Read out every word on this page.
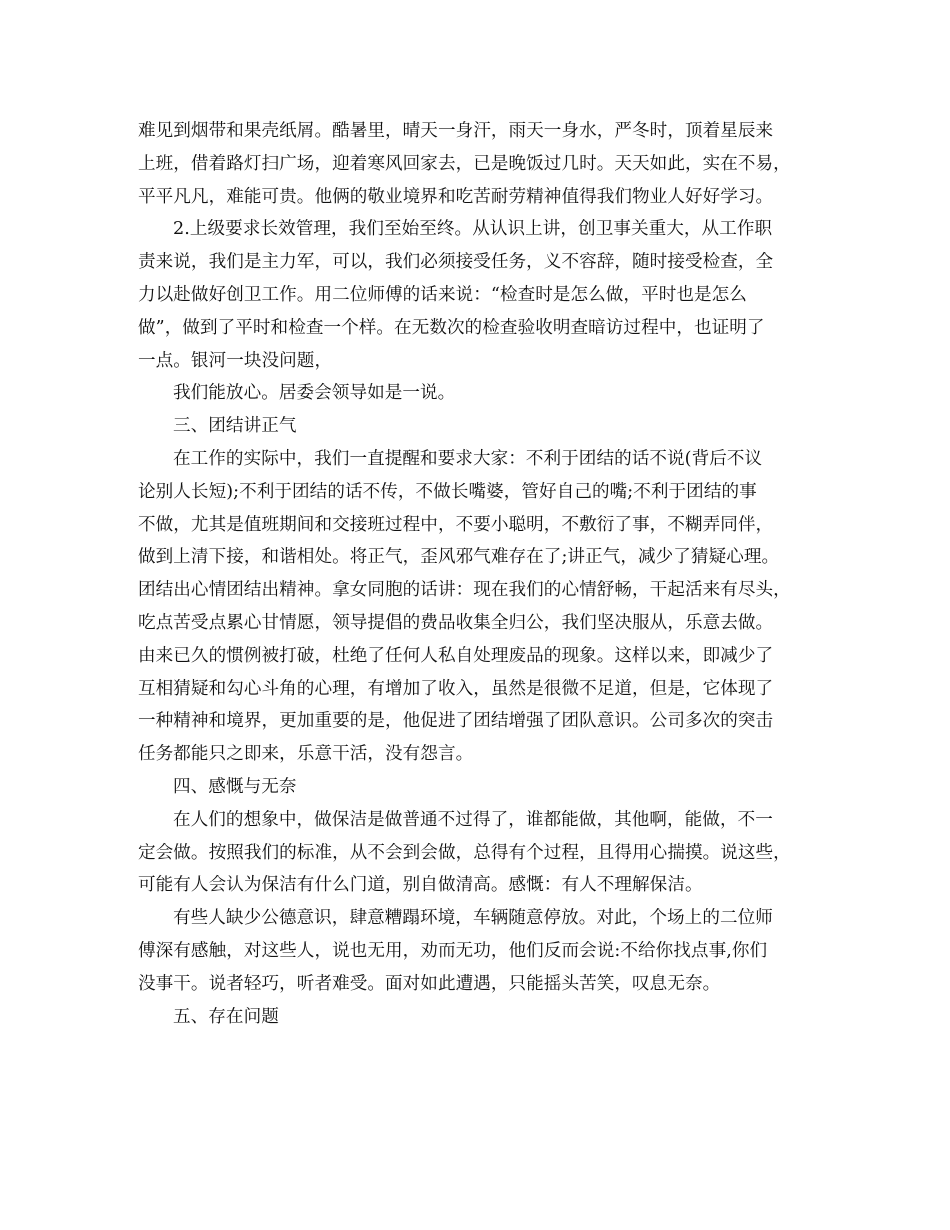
难见到烟带和果壳纸屑。酷暑里，晴天一身汗，雨天一身水，严冬时，顶着星辰来
上班，借着路灯扫广场，迎着寒风回家去，已是晚饭过几时。天天如此，实在不易，
平平凡凡，难能可贵。他俩的敬业境界和吃苦耐劳精神值得我们物业人好好学习。

2.上级要求长效管理，我们至始至终。从认识上讲，创卫事关重大，从工作职
责来说，我们是主力军，可以，我们必须接受任务，义不容辞，随时接受检查，全
力以赴做好创卫工作。用二位师傅的话来说：“检查时是怎么做，平时也是怎么
做”，做到了平时和检查一个样。在无数次的检查验收明查暗访过程中，也证明了
一点。银河一块没问题，

我们能放心。居委会领导如是一说。

三、团结讲正气

在工作的实际中，我们一直提醒和要求大家：不利于团结的话不说(背后不议
论别人长短);不利于团结的话不传，不做长嘴婆，管好自己的嘴;不利于团结的事
不做，尤其是值班期间和交接班过程中，不要小聪明，不敷衍了事，不糊弄同伴，
做到上清下接，和谐相处。将正气，歪风邪气难存在了;讲正气，减少了猜疑心理。
团结出心情团结出精神。拿女同胞的话讲：现在我们的心情舒畅，干起活来有尽头，
吃点苦受点累心甘情愿，领导提倡的费品收集全归公，我们坚决服从，乐意去做。
由来已久的惯例被打破，杜绝了任何人私自处理废品的现象。这样以来，即减少了
互相猜疑和勾心斗角的心理，有增加了收入，虽然是很微不足道，但是，它体现了
一种精神和境界，更加重要的是，他促进了团结增强了团队意识。公司多次的突击
任务都能只之即来，乐意干活，没有怨言。

四、感慨与无奈

在人们的想象中，做保洁是做普通不过得了，谁都能做，其他啊，能做，不一
定会做。按照我们的标准，从不会到会做，总得有个过程，且得用心揣摸。说这些，
可能有人会认为保洁有什么门道，别自做清高。感慨：有人不理解保洁。

有些人缺少公德意识，肆意糟蹋环境，车辆随意停放。对此，个场上的二位师
傅深有感触，对这些人，说也无用，劝而无功，他们反而会说:不给你找点事,你们
没事干。说者轻巧，听者难受。面对如此遭遇，只能摇头苦笑，叹息无奈。

五、存在问题
